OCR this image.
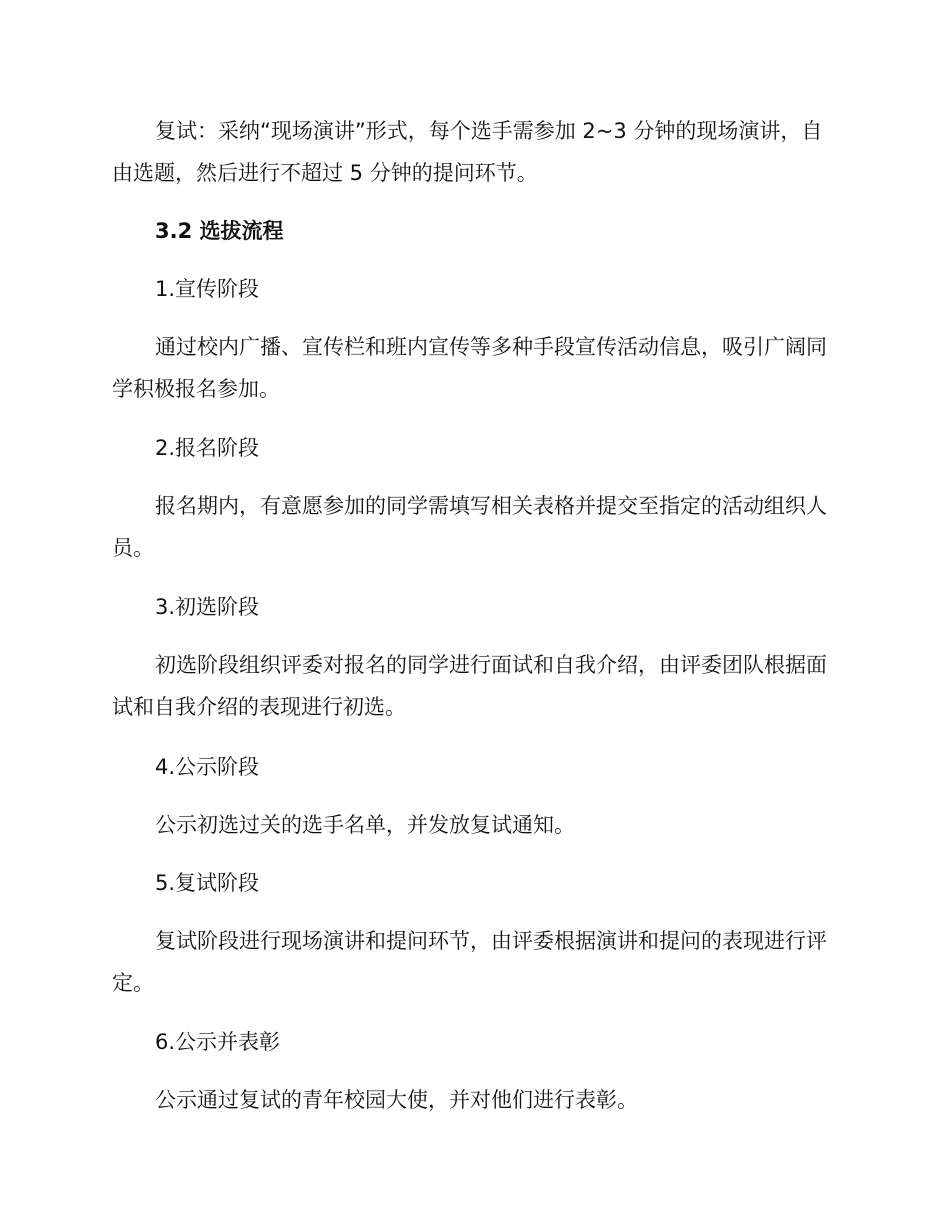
复试：采纳“现场演讲”形式，每个选手需参加 2~3 分钟的现场演讲，自由选题，然后进行不超过 5 分钟的提问环节。

3.2 选拔流程

1.宣传阶段

通过校内广播、宣传栏和班内宣传等多种手段宣传活动信息，吸引广阔同学积极报名参加。

2.报名阶段

报名期内，有意愿参加的同学需填写相关表格并提交至指定的活动组织人员。

3.初选阶段

初选阶段组织评委对报名的同学进行面试和自我介绍，由评委团队根据面试和自我介绍的表现进行初选。

4.公示阶段

公示初选过关的选手名单，并发放复试通知。

5.复试阶段

复试阶段进行现场演讲和提问环节，由评委根据演讲和提问的表现进行评定。

6.公示并表彰

公示通过复试的青年校园大使，并对他们进行表彰。
